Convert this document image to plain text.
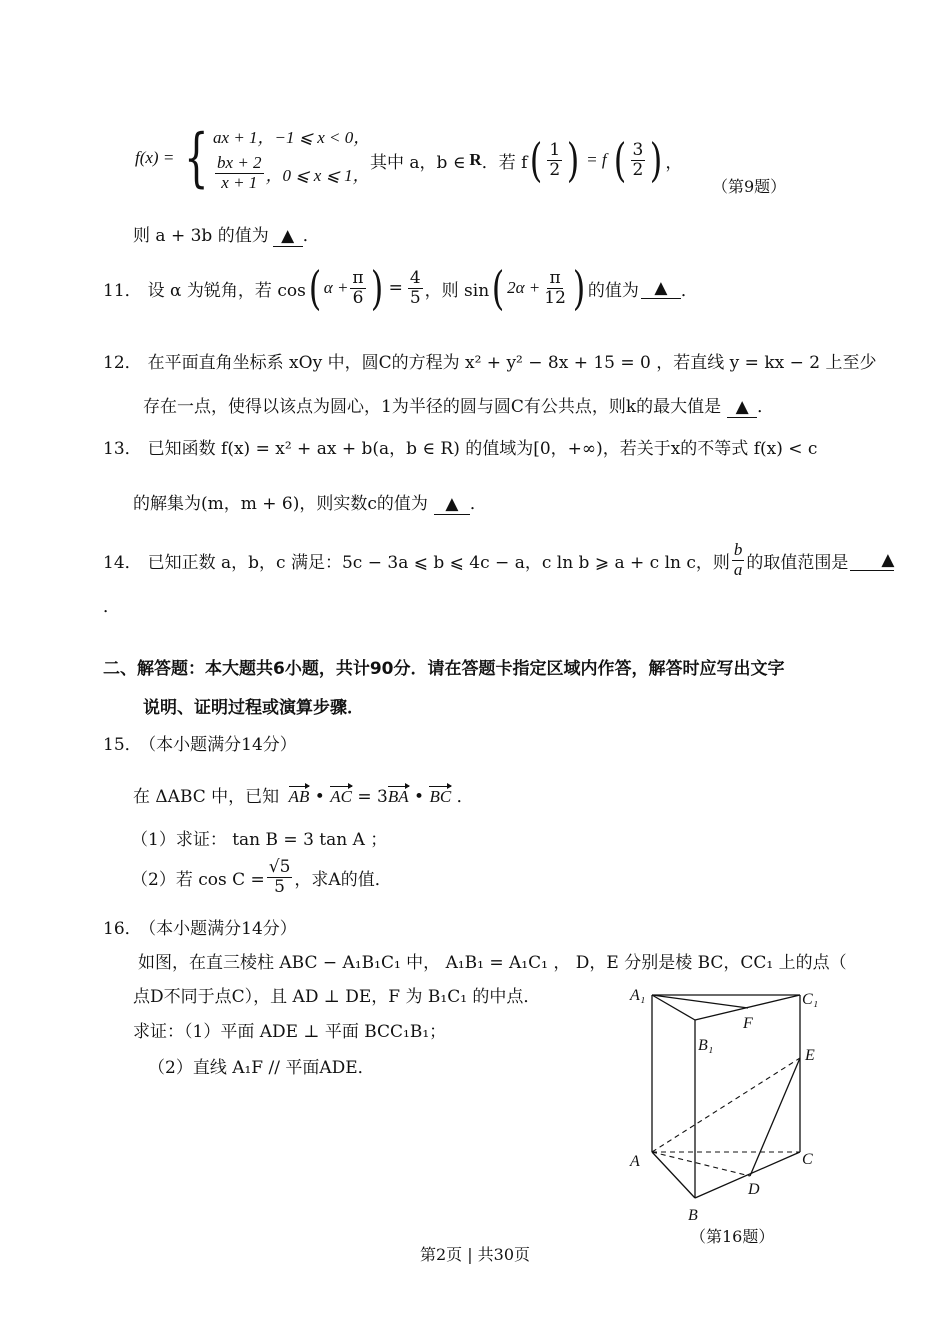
f(x) = { ax + 1，−1 ⩽ x < 0，
$\frac{bx + 2}{x + 1}$ ，0 ⩽ x ⩽ 1，
其中 a，b ∈ R ．若 f ( $\frac{1}{2}$ ) = f ( $\frac{3}{2}$ ) ，
（第9题）
则 a + 3b 的值为 ▲ ．
11． 设 α 为锐角，若 cos ( $\alpha + \frac{\pi}{6}$ ) = $\frac{4}{5}$ ，则 sin ( $2\alpha + \frac{\pi}{12}$ ) 的值为 ▲ ．
12． 在平面直角坐标系 xOy 中，圆C的方程为 x² + y² − 8x + 15 = 0 ，若直线 y = kx − 2 上至少
存在一点，使得以该点为圆心，1为半径的圆与圆C有公共点，则k的最大值是 ▲ ．
13． 已知函数 f(x) = x² + ax + b(a，b ∈ R) 的值域为[0，+∞)，若关于x的不等式 f(x) < c
的解集为(m，m + 6)，则实数c的值为 ▲ ．
14． 已知正数 a，b，c 满足：5c − 3a ⩽ b ⩽ 4c − a，c ln b ⩾ a + c ln c，则 $\frac{b}{a}$ 的取值范围是	▲
．
二、解答题：本大题共6小题，共计90分．请在答题卡指定区域内作答，解答时应写出文字
说明、证明过程或演算步骤．
15． （本小题满分14分）
在 ΔABC 中，已知 AB • AC = 3BA • BC ．
（1）求证： tan B = 3 tan A ；
（2）若 $\cos C = \frac{√5}{5}$ ，求A的值．
16． （本小题满分14分）
如图，在直三棱柱 ABC − A₁B₁C₁ 中， A₁B₁ = A₁C₁ ， D，E 分别是棱 BC，CC₁ 上的点（
点D不同于点C），且 AD ⊥ DE，F 为 B₁C₁ 的中点．
求证：（1）平面 ADE ⊥ 平面 BCC₁B₁；
（2）直线 A₁F // 平面ADE．
A₁	C₁
F
B₁
E
A	C
D
B
（第16题）
第2页 | 共30页
